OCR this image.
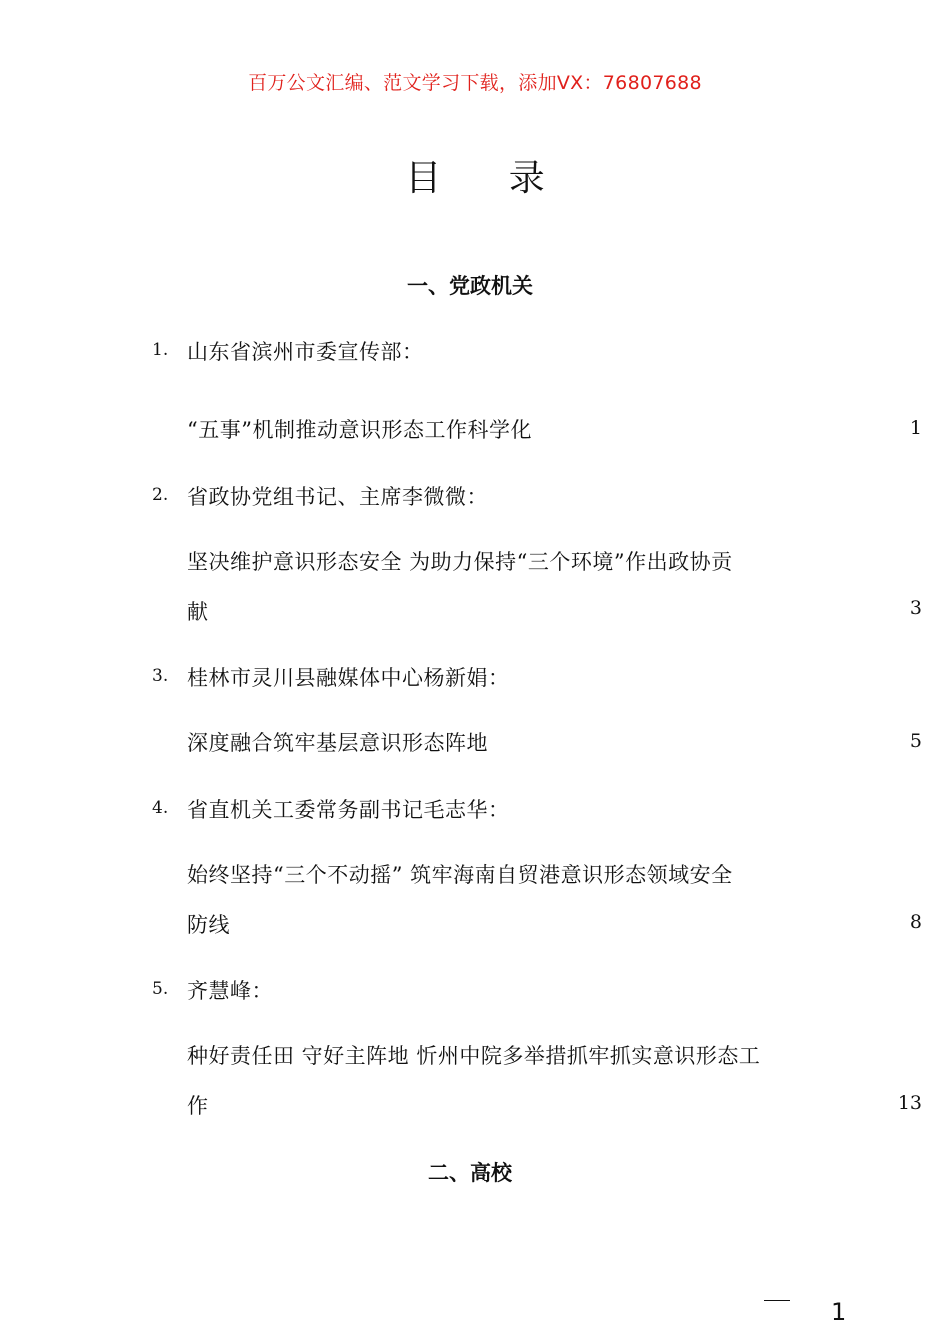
百万公文汇编、范文学习下载，添加VX：76807688
目 录
一、党政机关
1. 山东省滨州市委宣传部：
“五事”机制推动意识形态工作科学化	1
2. 省政协党组书记、主席李微微：
坚决维护意识形态安全 为助力保持“三个环境”作出政协贡
献	3
3. 桂林市灵川县融媒体中心杨新娟：
深度融合筑牢基层意识形态阵地	5
4. 省直机关工委常务副书记毛志华：
始终坚持“三个不动摇” 筑牢海南自贸港意识形态领域安全
防线	8
5. 齐慧峰：
种好责任田 守好主阵地 忻州中院多举措抓牢抓实意识形态工
作	13
二、高校
1
